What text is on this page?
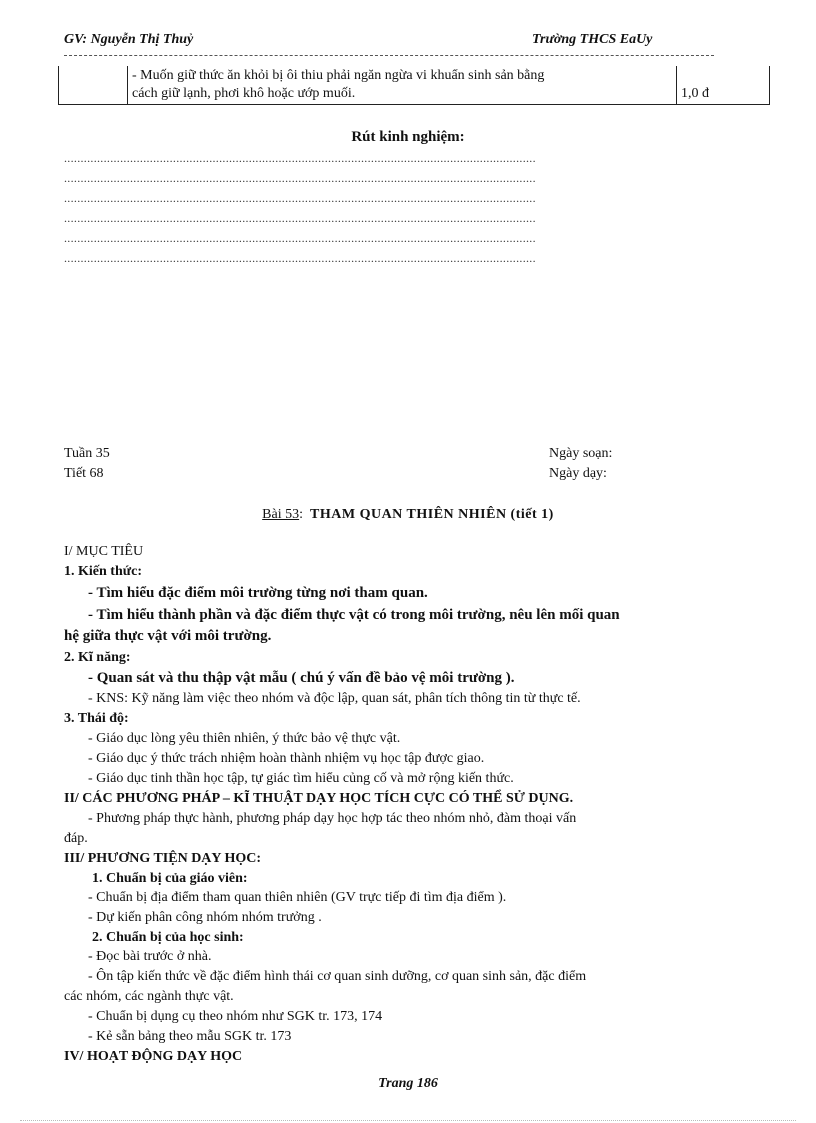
GV: Nguyễn Thị Thuỷ	Trường THCS EaUy

- Muốn giữ thức ăn khỏi bị ôi thiu phải ngăn ngừa vi khuẩn sinh sản bằng
cách giữ lạnh, phơi khô hoặc ướp muối.	1,0 đ
Rút kinh nghiệm:
...............................................................................................................................................
...............................................................................................................................................
...............................................................................................................................................
...............................................................................................................................................
...............................................................................................................................................
...............................................................................................................................................
Tuần 35
Tiết 68
Ngày soạn:
Ngày dạy:
Bài 53: THAM QUAN THIÊN NHIÊN (tiết 1)
I/ MỤC TIÊU
1. Kiến thức:
- Tìm hiểu đặc điểm môi trường từng nơi tham quan.
- Tìm hiểu thành phần và đặc điểm thực vật có trong môi trường, nêu lên mối quan
hệ giữa thực vật với môi trường.
2. Kĩ năng:
- Quan sát và thu thập vật mẫu ( chú ý vấn đề bảo vệ môi trường ).
- KNS: Kỹ năng làm việc theo nhóm và độc lập, quan sát, phân tích thông tin từ thực tế.
3. Thái độ:
- Giáo dục lòng yêu thiên nhiên, ý thức bảo vệ thực vật.
- Giáo dục ý thức trách nhiệm hoàn thành nhiệm vụ học tập được giao.
- Giáo dục tinh thần học tập, tự giác tìm hiểu củng cố và mở rộng kiến thức.
II/ CÁC PHƯƠNG PHÁP – KĨ THUẬT DẠY HỌC TÍCH CỰC CÓ THỂ SỬ DỤNG.
- Phương pháp thực hành, phương pháp dạy học hợp tác theo nhóm nhỏ, đàm thoại vấn
đáp.
III/ PHƯƠNG TIỆN DẠY HỌC:
1. Chuẩn bị của giáo viên:
- Chuẩn bị địa điểm tham quan thiên nhiên (GV trực tiếp đi tìm địa điểm ).
- Dự kiến phân công nhóm nhóm trưởng .
2. Chuẩn bị của học sinh:
- Đọc bài trước ở nhà.
- Ôn tập kiến thức về đặc điểm hình thái cơ quan sinh dưỡng, cơ quan sinh sản, đặc điểm
các nhóm, các ngành thực vật.
- Chuẩn bị dụng cụ theo nhóm như SGK tr. 173, 174
- Kẻ sẵn bảng theo mẫu SGK tr. 173
IV/ HOẠT ĐỘNG DẠY HỌC
Trang 186
